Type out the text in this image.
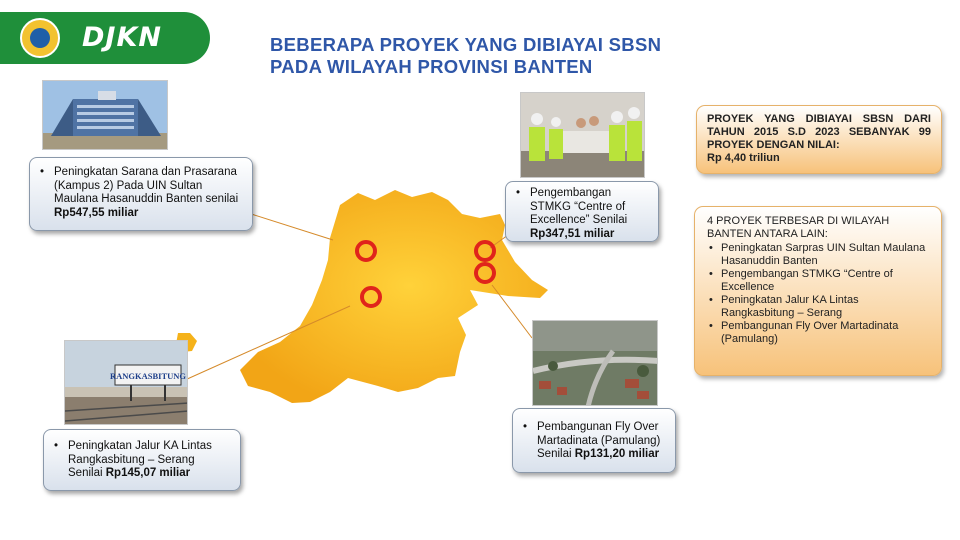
DJKN	BEBERAPA PROYEK YANG DIBIAYAI SBSN
PADA WILAYAH PROVINSI BANTEN
RANGKASBITUNG
• Peningkatan Sarana dan Prasarana (Kampus 2) Pada UIN Sultan Maulana Hasanuddin Banten senilai Rp547,55 miliar
• Pengembangan STMKG “Centre of Excellence” Senilai Rp347,51 miliar
• Peningkatan Jalur KA Lintas Rangkasbitung – Serang Senilai Rp145,07 miliar
• Pembangunan Fly Over Martadinata (Pamulang) Senilai Rp131,20 miliar
PROYEK YANG DIBIAYAI SBSN DARI TAHUN 2015 S.D 2023 SEBANYAK 99 PROYEK DENGAN NILAI:
Rp 4,40 triliun
4 PROYEK TERBESAR DI WILAYAH BANTEN ANTARA LAIN:
• Peningkatan Sarpras UIN Sultan Maulana Hasanuddin Banten
• Pengembangan STMKG “Centre of Excellence
• Peningkatan Jalur KA Lintas Rangkasbitung – Serang
• Pembangunan Fly Over Martadinata (Pamulang)
